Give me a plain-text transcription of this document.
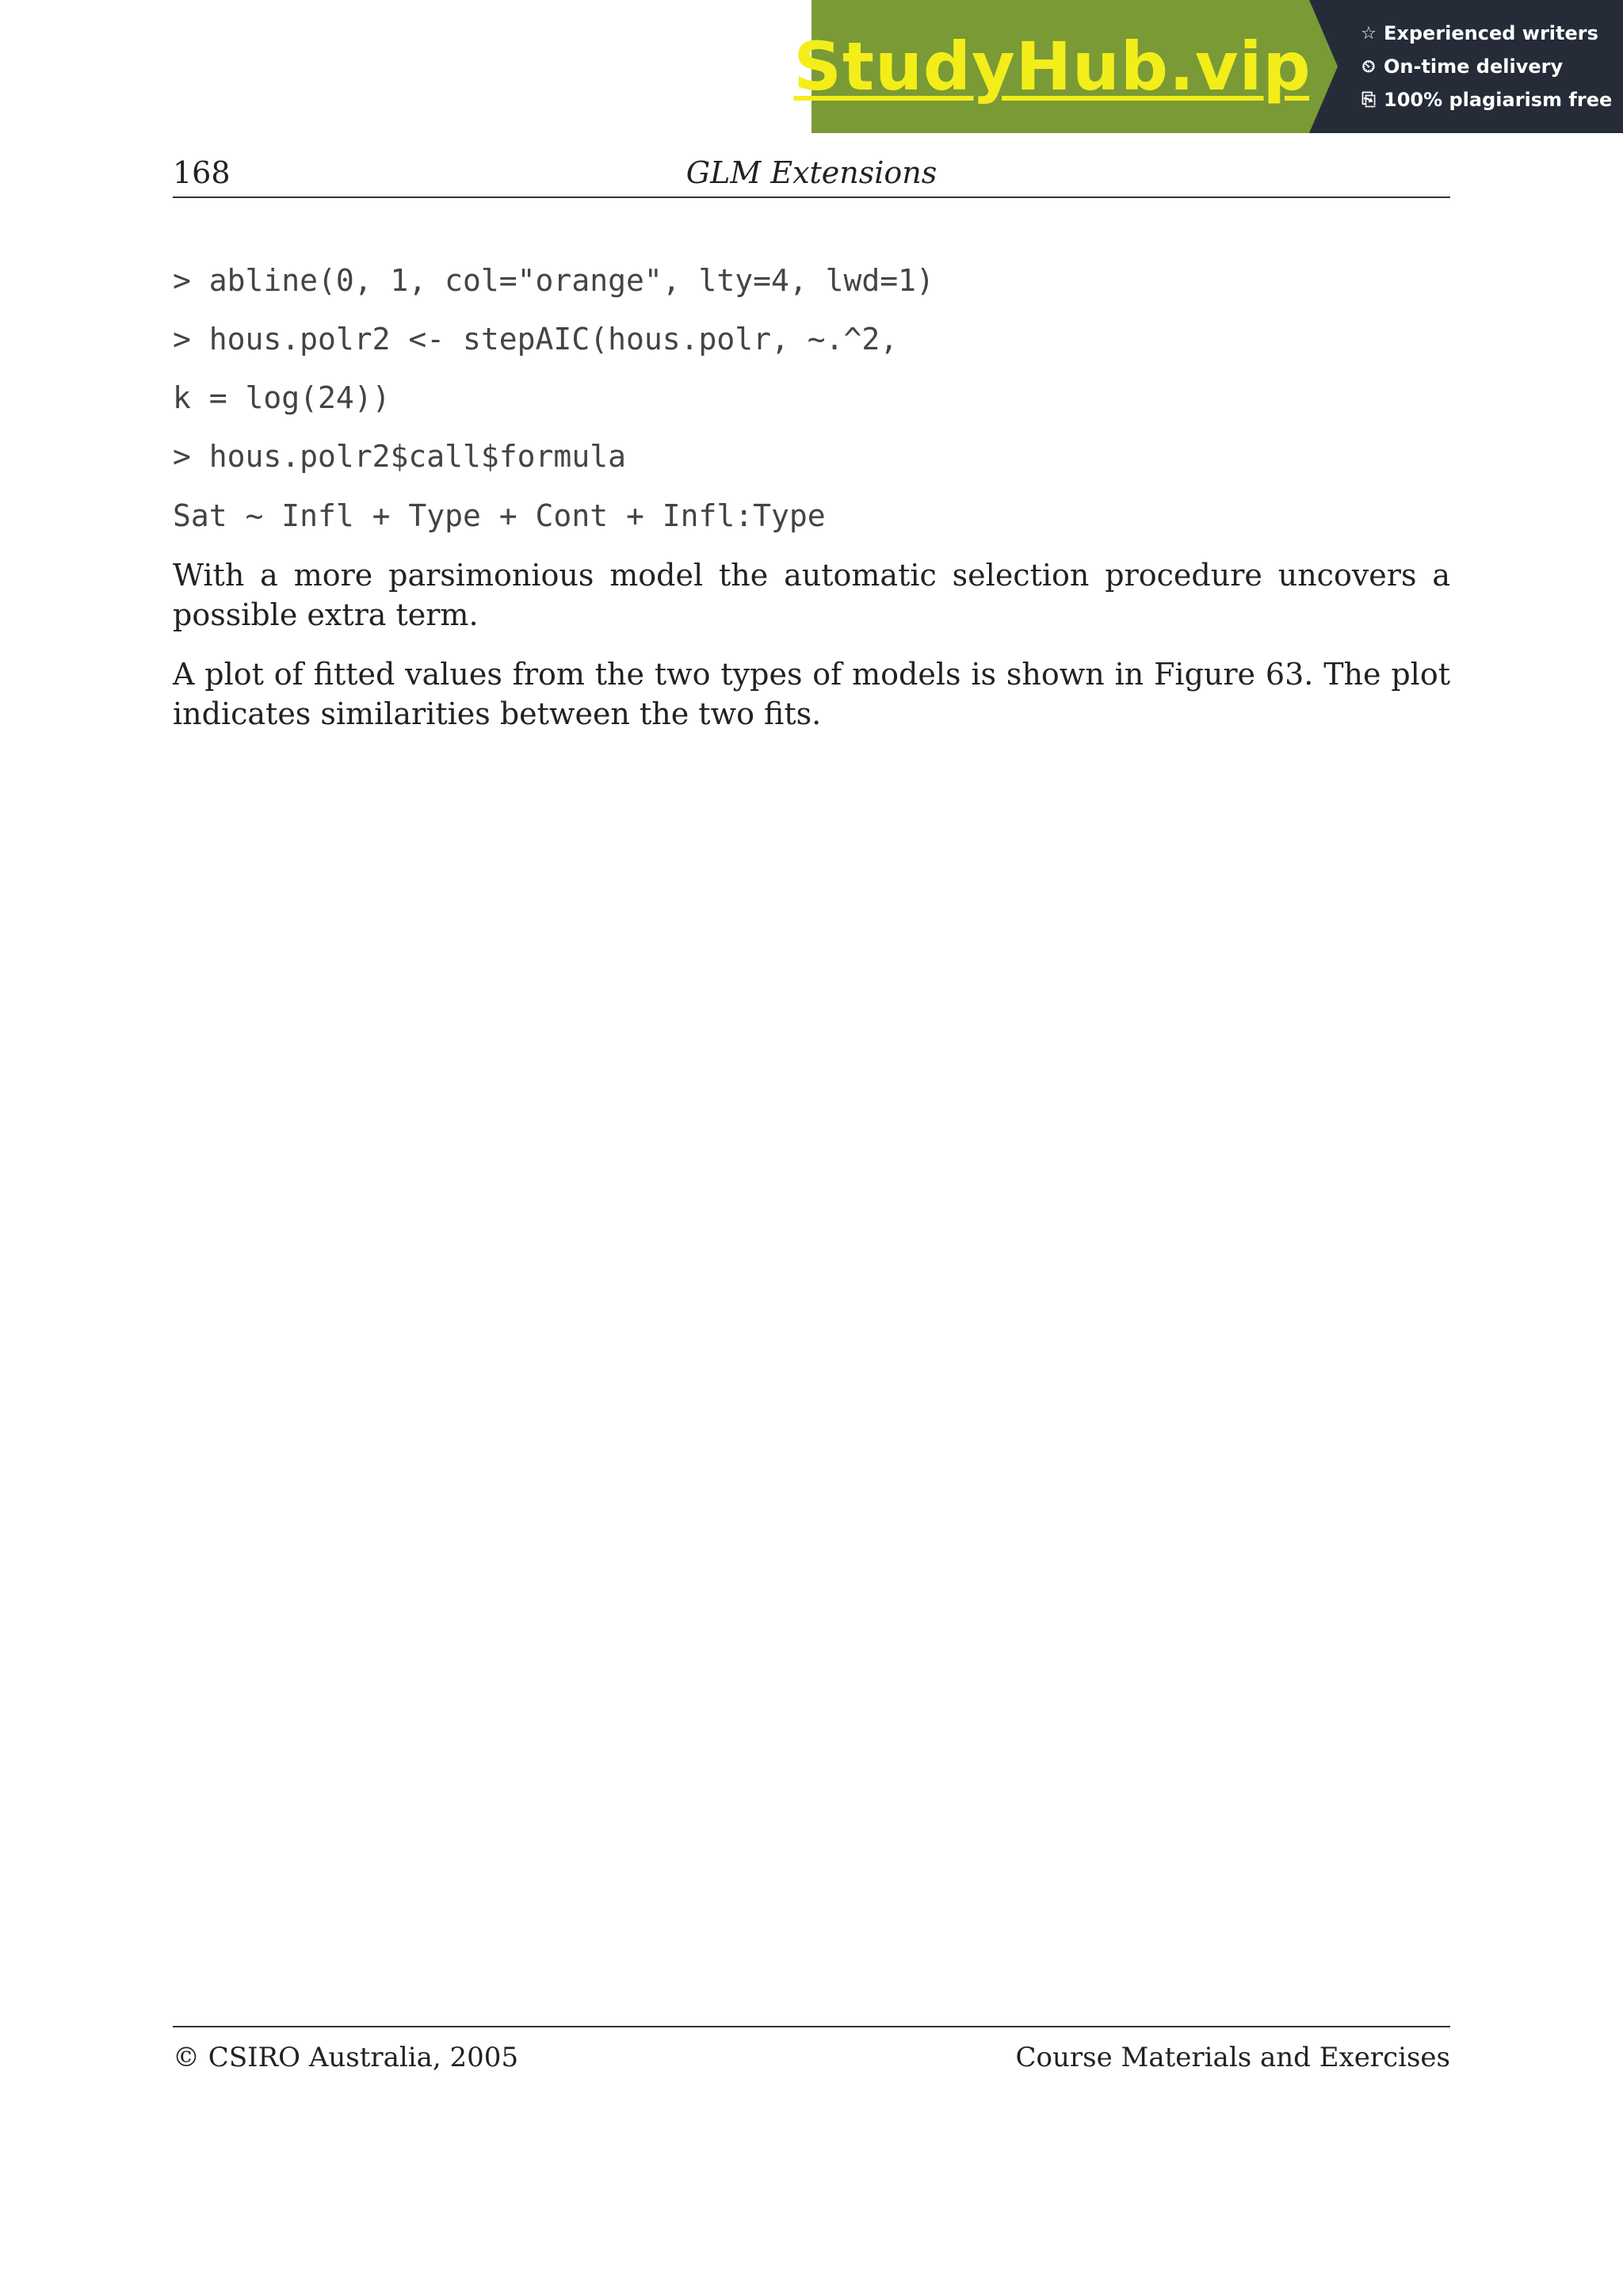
StudyHub.vip	☆ Experienced writers
⏲ On-time delivery
⎘ 100% plagiarism free
168	GLM Extensions
> abline(0, 1, col="orange", lty=4, lwd=1)
> hous.polr2 <- stepAIC(hous.polr, ~.^2,
k = log(24))
> hous.polr2$call$formula
Sat ~ Infl + Type + Cont + Infl:Type

With a more parsimonious model the automatic selection procedure uncovers a possible extra term.

A plot of fitted values from the two types of models is shown in Figure 63. The plot indicates similarities between the two fits.

© CSIRO Australia, 2005	Course Materials and Exercises
